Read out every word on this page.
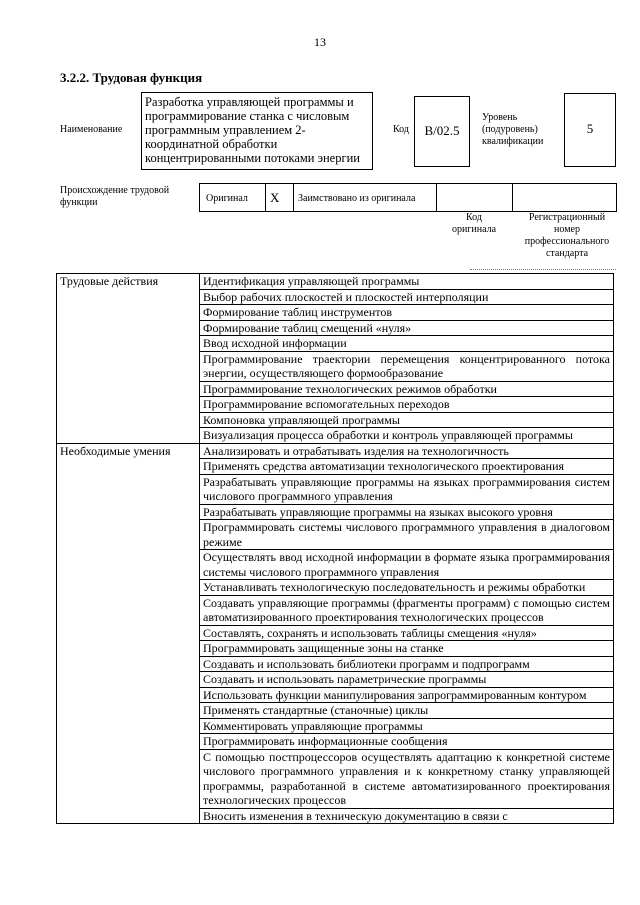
13
3.2.2. Трудовая функция
Наименование
Разработка управляющей программы и программирование станка с числовым программным управлением 2-координатной обработки концентрированными потоками энергии
Код	В/02.5
Уровень (подуровень) квалификации
5
Происхождение трудовой функции	Оригинал X Заимствовано из оригинала
Код оригинала
Регистрационный номер профессионального стандарта
Трудовые действия	Идентификация управляющей программы
	Выбор рабочих плоскостей и плоскостей интерполяции
	Формирование таблиц инструментов
	Формирование таблиц смещений «нуля»
	Ввод исходной информации
	Программирование траектории перемещения концентрированного потока энергии, осуществляющего формообразование
	Программирование технологических режимов обработки
	Программирование вспомогательных переходов
	Компоновка управляющей программы
	Визуализация процесса обработки и контроль управляющей программы
Необходимые умения	Анализировать и отрабатывать изделия на технологичность
	Применять средства автоматизации технологического проектирования
	Разрабатывать управляющие программы на языках программирования систем числового программного управления
	Разрабатывать управляющие программы на языках высокого уровня
	Программировать системы числового программного управления в диалоговом режиме
	Осуществлять ввод исходной информации в формате языка программирования системы числового программного управления
	Устанавливать технологическую последовательность и режимы обработки
	Создавать управляющие программы (фрагменты программ) с помощью систем автоматизированного проектирования технологических процессов
	Составлять, сохранять и использовать таблицы смещения «нуля»
	Программировать защищенные зоны на станке
	Создавать и использовать библиотеки программ и подпрограмм
	Создавать и использовать параметрические программы
	Использовать функции манипулирования запрограммированным контуром
	Применять стандартные (станочные) циклы
	Комментировать управляющие программы
	Программировать информационные сообщения
	С помощью постпроцессоров осуществлять адаптацию к конкретной системе числового программного управления и к конкретному станку управляющей программы, разработанной в системе автоматизированного проектирования технологических процессов
	Вносить изменения в техническую документацию в связи с
